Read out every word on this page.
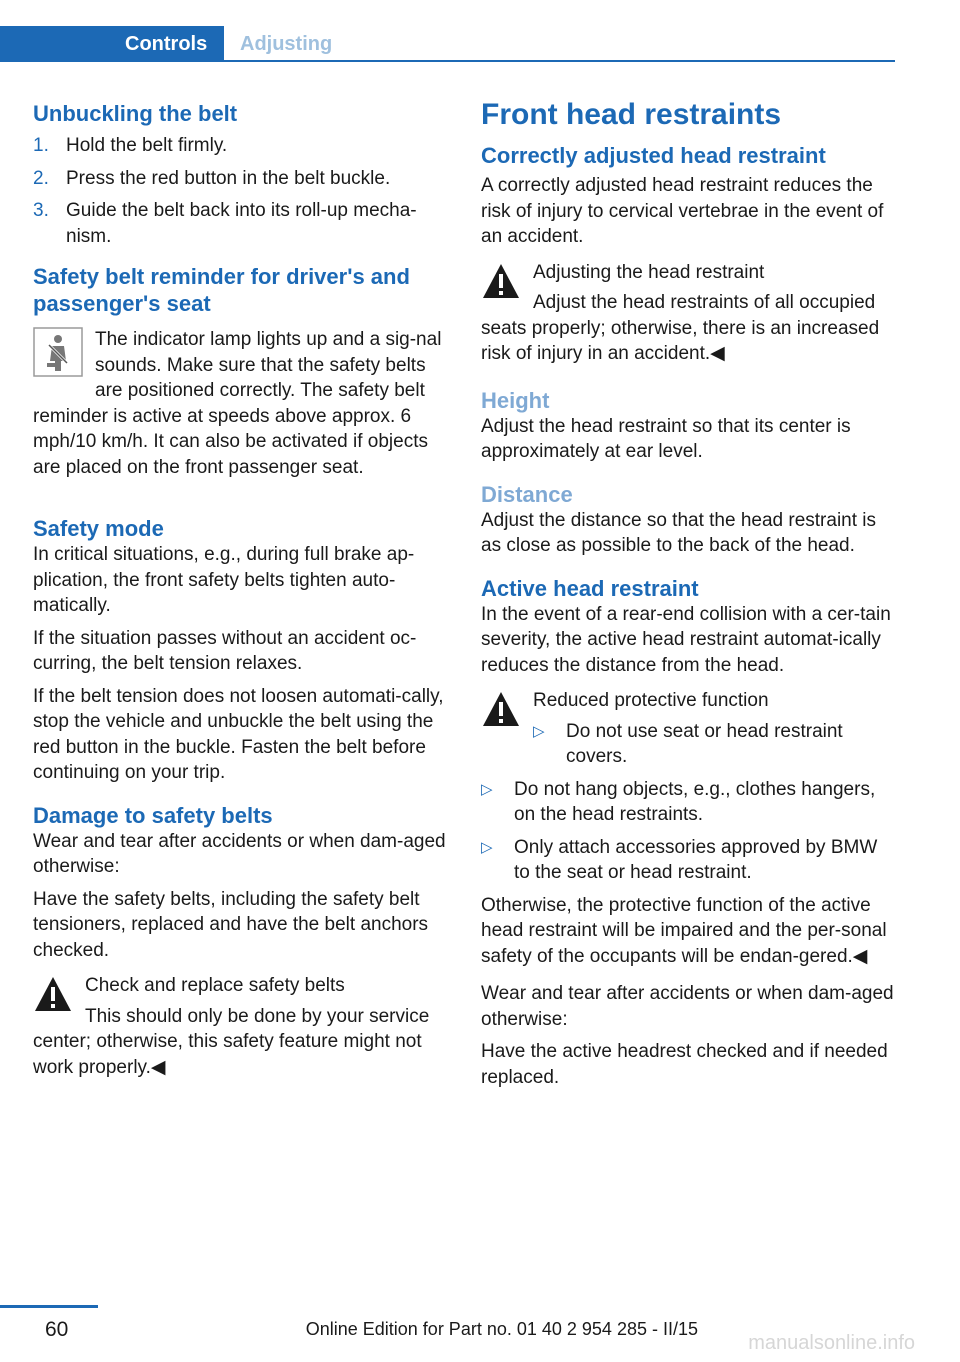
Controls	Adjusting
Unbuckling the belt
1. Hold the belt firmly.
2. Press the red button in the belt buckle.
3. Guide the belt back into its roll-up mecha‐nism.
Safety belt reminder for driver's and passenger's seat

The indicator lamp lights up and a sig‐nal sounds. Make sure that the safety belts are positioned correctly. The safety belt reminder is active at speeds above approx. 6 mph/10 km/h. It can also be activated if objects are placed on the front passenger seat.

Safety mode

In critical situations, e.g., during full brake ap‐plication, the front safety belts tighten auto‐matically.

If the situation passes without an accident oc‐curring, the belt tension relaxes.

If the belt tension does not loosen automati‐cally, stop the vehicle and unbuckle the belt using the red button in the buckle. Fasten the belt before continuing on your trip.

Damage to safety belts

Wear and tear after accidents or when dam‐aged otherwise:

Have the safety belts, including the safety belt tensioners, replaced and have the belt anchors checked.

Check and replace safety belts

This should only be done by your service center; otherwise, this safety feature might not work properly.◀

Front head restraints
Correctly adjusted head restraint

A correctly adjusted head restraint reduces the risk of injury to cervical vertebrae in the event of an accident.

Adjusting the head restraint

Adjust the head restraints of all occupied seats properly; otherwise, there is an increased risk of injury in an accident.◀

Height

Adjust the head restraint so that its center is approximately at ear level.

Distance

Adjust the distance so that the head restraint is as close as possible to the back of the head.

Active head restraint

In the event of a rear-end collision with a cer‐tain severity, the active head restraint automat‐ically reduces the distance from the head.

Reduced protective function

▷ Do not use seat or head restraint covers.
▷ Do not hang objects, e.g., clothes hangers, on the head restraints.
▷ Only attach accessories approved by BMW to the seat or head restraint.

Otherwise, the protective function of the active head restraint will be impaired and the per‐sonal safety of the occupants will be endan‐gered.◀

Wear and tear after accidents or when dam‐aged otherwise:

Have the active headrest checked and if needed replaced.

60	Online Edition for Part no. 01 40 2 954 285 - II/15
manualsonline.info
